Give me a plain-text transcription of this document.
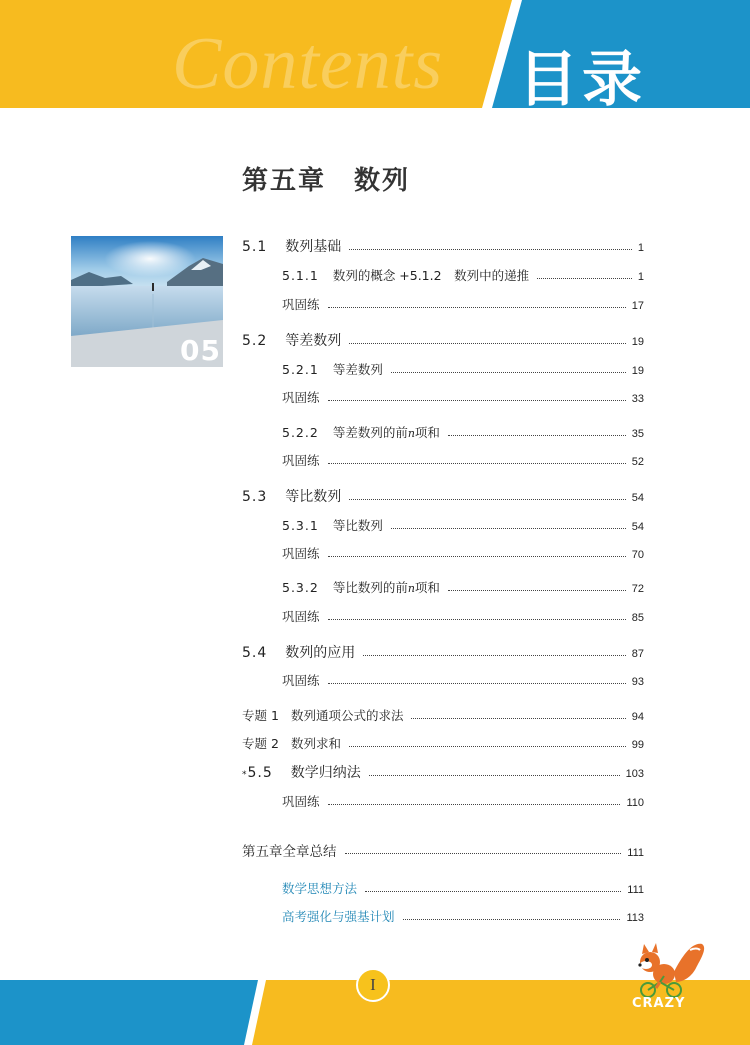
Contents 目录
第五章　数列
05
5.1 数列基础	1
5.1.1 数列的概念 +5.1.2　数列中的递推	1
巩固练	17
5.2 等差数列	19
5.2.1 等差数列	19
巩固练	33
5.2.2 等差数列的前 n 项和	35
巩固练	52
5.3 等比数列	54
5.3.1 等比数列	54
巩固练	70
5.3.2 等比数列的前 n 项和	72
巩固练	85
5.4 数列的应用	87
巩固练	93
专题 1 数列通项公式的求法	94
专题 2 数列求和	99
* 5.5 数学归纳法	103
巩固练	110
第五章全章总结	111
数学思想方法	111
高考强化与强基计划	113
I
CRAZY
